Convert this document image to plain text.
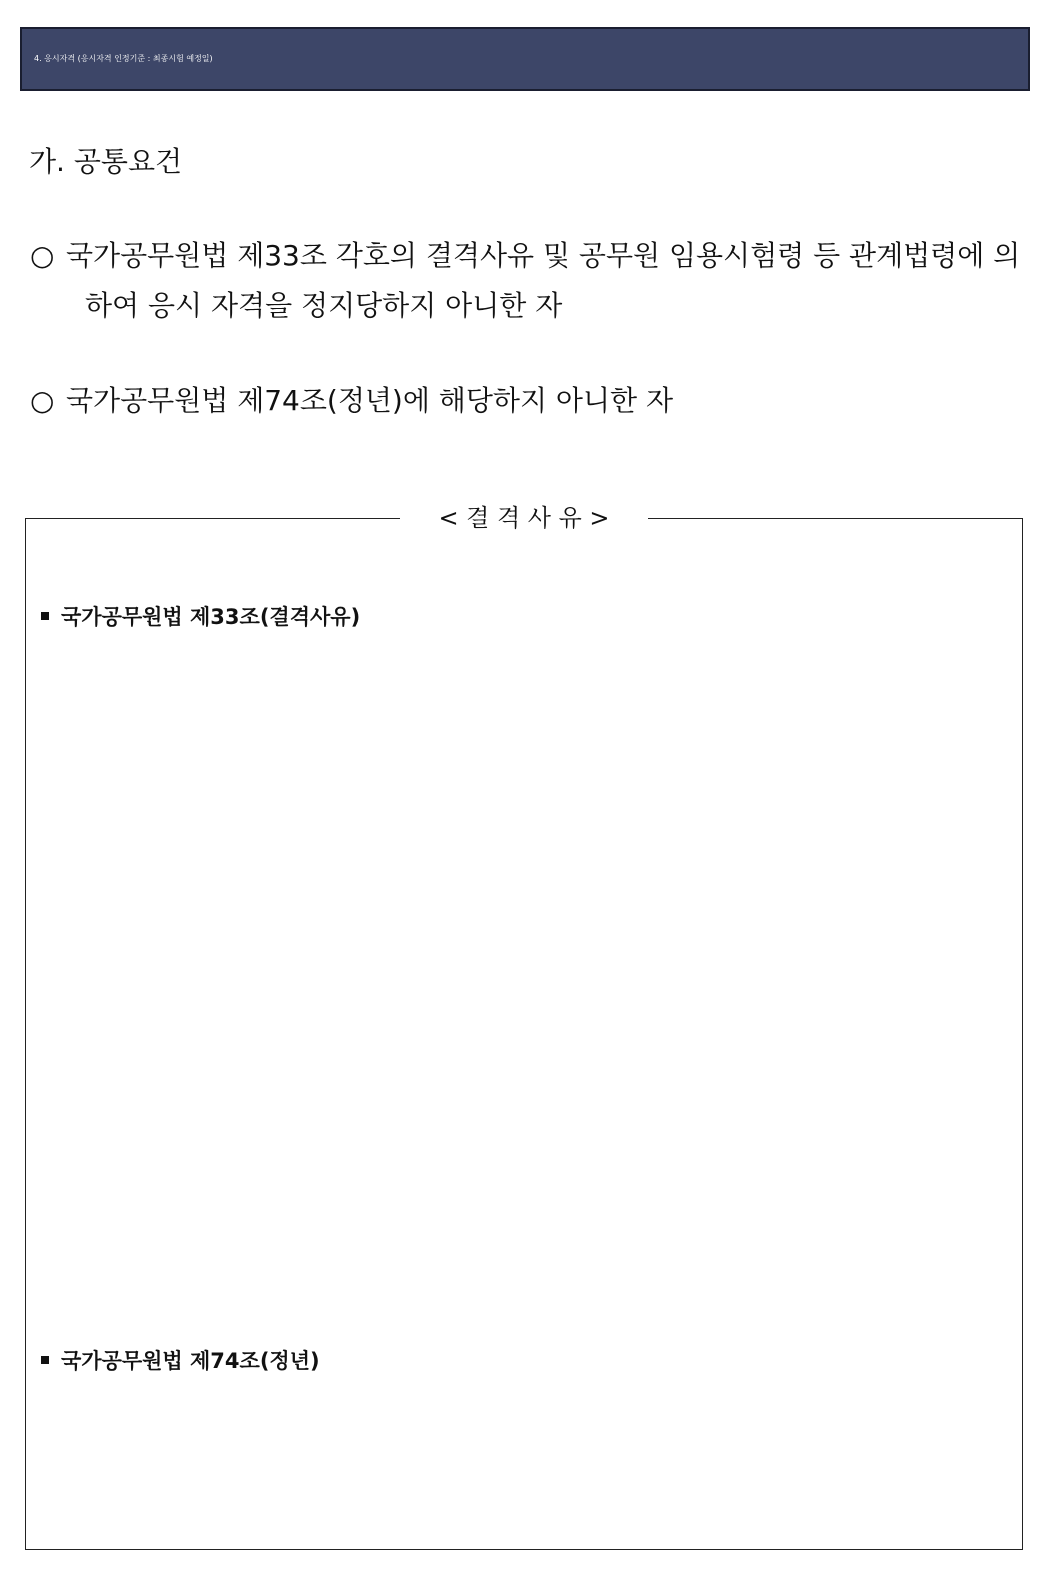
4. 응시자격 (응시자격 인정기준 : 최종시험 예정일)
가. 공통요건
○ 국가공무원법 제33조 각호의 결격사유 및 공무원 임용시험령 등 관계법령에 의
하여 응시 자격을 정지당하지 아니한 자
○ 국가공무원법 제74조(정년)에 해당하지 아니한 자
< 결 격 사 유 >
국가공무원법 제33조(결격사유)
국가공무원법 제74조(정년)
